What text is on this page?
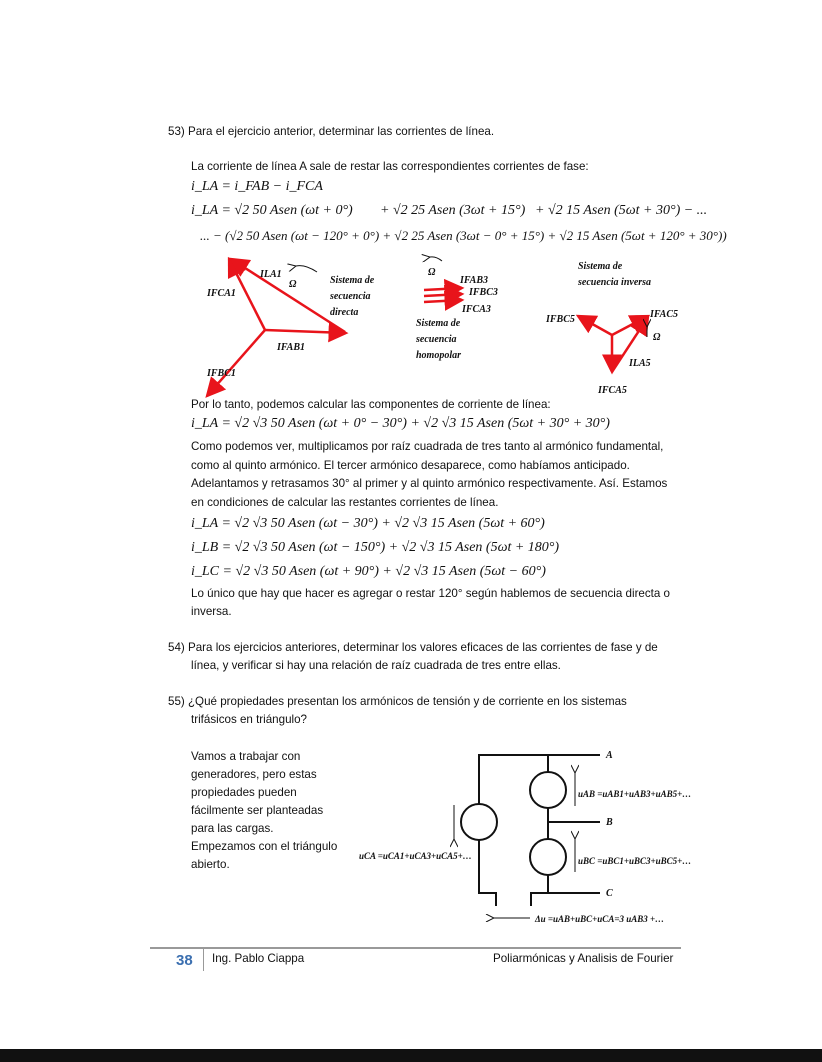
53) Para el ejercicio anterior, determinar las corrientes de línea.
La corriente de línea A sale de restar las correspondientes corrientes de fase:
i_LA = i_FAB − i_FCA
i_LA = √2 50 Asen (ωt + 0°) + √2 25 Asen (3ωt + 15°) + √2 15 Asen (5ωt + 30°) − ...
... − (√2 50 Asen (ωt − 120° + 0°) + √2 25 Asen (3ωt − 0° + 15°) + √2 15 Asen (5ωt + 120° + 30°))
ILA1
Ω
IFCA1
IFAB1
IFBC1
Sistema de
secuencia
directa
Ω
IFAB3
IFBC3
IFCA3
Sistema de
secuencia
homopolar
Sistema de
secuencia inversa
IFBC5	IFAC5
Ω
ILA5
IFCA5
A
B
C
uAB =uAB1+uAB3+uAB5+…
uBC =uBC1+uBC3+uBC5+…
uCA =uCA1+uCA3+uCA5+…
Δu =uAB+uBC+uCA=3 uAB3 +…
Por lo tanto, podemos calcular las componentes de corriente de línea:
i_LA = √2 √3 50 Asen (ωt + 0° − 30°) + √2 √3 15 Asen (5ωt + 30° + 30°)
Como podemos ver, multiplicamos por raíz cuadrada de tres tanto al armónico fundamental,
como al quinto armónico. El tercer armónico desaparece, como habíamos anticipado.
Adelantamos y retrasamos 30° al primer y al quinto armónico respectivamente. Así. Estamos
en condiciones de calcular las restantes corrientes de línea.
i_LA = √2 √3 50 Asen (ωt − 30°) + √2 √3 15 Asen (5ωt + 60°)
i_LB = √2 √3 50 Asen (ωt − 150°) + √2 √3 15 Asen (5ωt + 180°)
i_LC = √2 √3 50 Asen (ωt + 90°) + √2 √3 15 Asen (5ωt − 60°)
Lo único que hay que hacer es agregar o restar 120° según hablemos de secuencia directa o
inversa.
54) Para los ejercicios anteriores, determinar los valores eficaces de las corrientes de fase y de
línea, y verificar si hay una relación de raíz cuadrada de tres entre ellas.
55) ¿Qué propiedades presentan los armónicos de tensión y de corriente en los sistemas
trifásicos en triángulo?
Vamos a trabajar con
generadores, pero estas
propiedades pueden
fácilmente ser planteadas
para las cargas.
Empezamos con el triángulo
abierto.
38 Ing. Pablo Ciappa	Poliarmónicas y Analisis de Fourier
